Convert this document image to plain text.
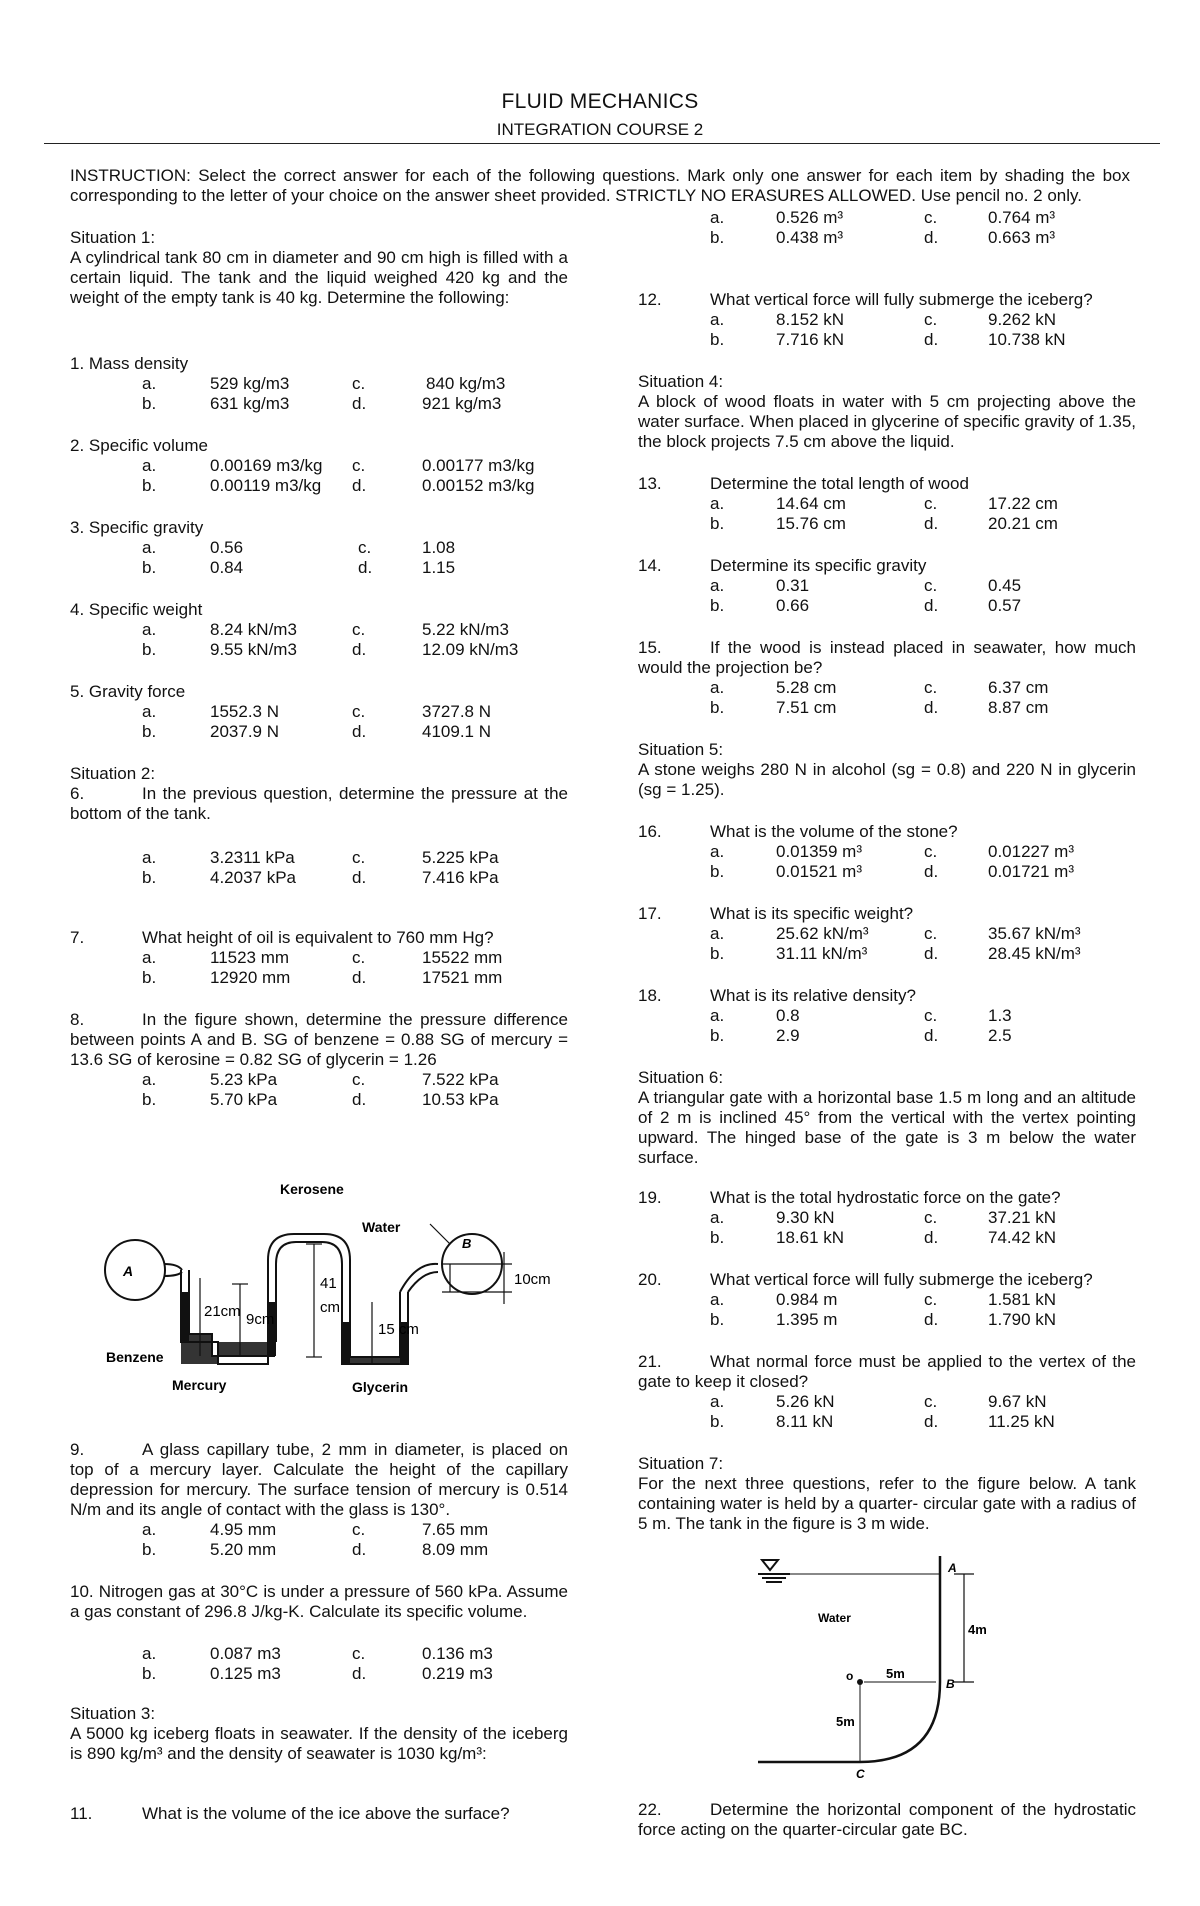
FLUID MECHANICS
INTEGRATION COURSE 2
INSTRUCTION: Select the correct answer for each of the following questions. Mark only one answer for each item by shading the box corresponding to the letter of your choice on the answer sheet provided. STRICTLY NO ERASURES ALLOWED. Use pencil no. 2 only.
Situation 1:
A cylindrical tank 80 cm in diameter and 90 cm high is filled with a certain liquid. The tank and the liquid weighed 420 kg and the weight of the empty tank is 40 kg. Determine the following:
1. Mass density
a.	529 kg/m3	c.	840 kg/m3
b.	631 kg/m3	d.	921 kg/m3
2. Specific volume
a.	0.00169 m3/kg c.	0.00177 m3/kg
b.	0.00119 m3/kg d.	0.00152 m3/kg
3. Specific gravity
a.	0.56	c.	1.08
b.	0.84	d.	1.15
4. Specific weight
a.	8.24 kN/m3	c.	5.22 kN/m3
b.	9.55 kN/m3	d.	12.09 kN/m3
5. Gravity force
a.	1552.3 N	c.	3727.8 N
b.	2037.9 N	d.	4109.1 N
Situation 2:
6.	In the previous question, determine the pressure at the bottom of the tank.
a.	3.2311 kPa	c.	5.225 kPa
b.	4.2037 kPa	d.	7.416 kPa
7.	What height of oil is equivalent to 760 mm Hg?
a.	11523 mm	c.	15522 mm
b.	12920 mm	d.	17521 mm
8.	In the figure shown, determine the pressure difference between points A and B. SG of benzene = 0.88 SG of mercury = 13.6 SG of kerosine = 0.82 SG of glycerin = 1.26
a.	5.23 kPa	c.	7.522 kPa
b.	5.70 kPa	d.	10.53 kPa
A
B
Kerosene
Water
Benzene
Mercury	Glycerin
21cm 9cm
41
cm
10cm
15 cm
9.	A glass capillary tube, 2 mm in diameter, is placed on top of a mercury layer. Calculate the height of the capillary depression for mercury. The surface tension of mercury is 0.514 N/m and its angle of contact with the glass is 130°.
a.	4.95 mm	c.	7.65 mm
b.	5.20 mm	d.	8.09 mm
10. Nitrogen gas at 30°C is under a pressure of 560 kPa. Assume a gas constant of 296.8 J/kg-K. Calculate its specific volume.
a.	0.087 m3	c.	0.136 m3
b.	0.125 m3	d.	0.219 m3
Situation 3:
A 5000 kg iceberg floats in seawater. If the density of the iceberg is 890 kg/m³ and the density of seawater is 1030 kg/m³:
11.	What is the volume of the ice above the surface?
a.	0.526 m³	c.	0.764 m³
b.	0.438 m³	d.	0.663 m³
12.	What vertical force will fully submerge the iceberg?
a.	8.152 kN	c.	9.262 kN
b.	7.716 kN	d.	10.738 kN
Situation 4:
A block of wood floats in water with 5 cm projecting above the water surface. When placed in glycerine of specific gravity of 1.35, the block projects 7.5 cm above the liquid.
13.	Determine the total length of wood
a.	14.64 cm	c.	17.22 cm
b.	15.76 cm	d.	20.21 cm
14.	Determine its specific gravity
a.	0.31	c.	0.45
b.	0.66	d.	0.57
15.	If the wood is instead placed in seawater, how much would the projection be?
a.	5.28 cm	c.	6.37 cm
b.	7.51 cm	d.	8.87 cm
Situation 5:
A stone weighs 280 N in alcohol (sg = 0.8) and 220 N in glycerin (sg = 1.25).
16.	What is the volume of the stone?
a.	0.01359 m³	c.	0.01227 m³
b.	0.01521 m³	d.	0.01721 m³
17.	What is its specific weight?
a.	25.62 kN/m³	c.	35.67 kN/m³
b.	31.11 kN/m³	d.	28.45 kN/m³
18.	What is its relative density?
a.	0.8	c.	1.3
b.	2.9	d.	2.5
Situation 6:
A triangular gate with a horizontal base 1.5 m long and an altitude of 2 m is inclined 45° from the vertical with the vertex pointing upward. The hinged base of the gate is 3 m below the water surface.
19.	What is the total hydrostatic force on the gate?
a.	9.30 kN	c.	37.21 kN
b.	18.61 kN	d.	74.42 kN
20.	What vertical force will fully submerge the iceberg?
a.	0.984 m	c.	1.581 kN
b.	1.395 m	d.	1.790 kN
21.	What normal force must be applied to the vertex of the gate to keep it closed?
a.	5.26 kN	c.	9.67 kN
b.	8.11 kN	d.	11.25 kN
Situation 7:
For the next three questions, refer to the figure below. A tank containing water is held by a quarter- circular gate with a radius of 5 m. The tank in the figure is 3 m wide.
Water
A
B
C
o
4m
5m
5m
22.	Determine the horizontal component of the hydrostatic force acting on the quarter-circular gate BC.
